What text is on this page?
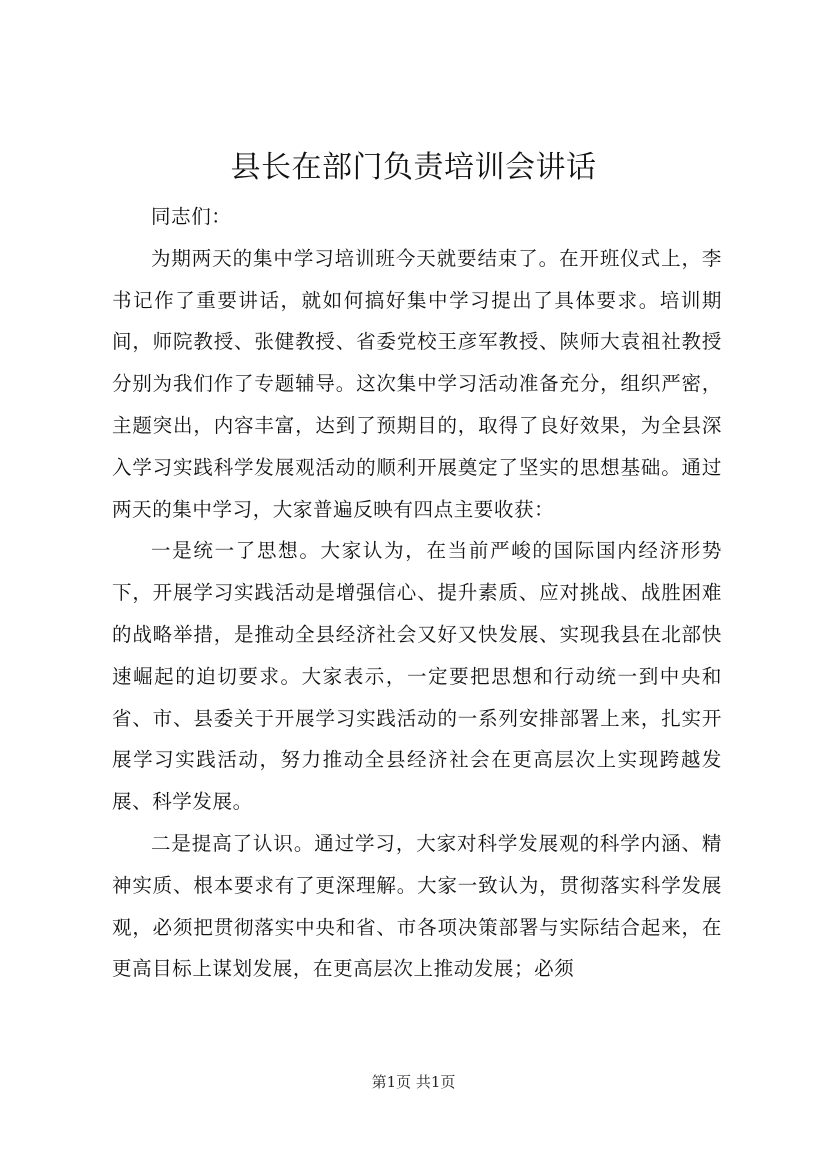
县长在部门负责培训会讲话

同志们：

为期两天的集中学习培训班今天就要结束了。在开班仪式上，李书记作了重要讲话，就如何搞好集中学习提出了具体要求。培训期间，师院教授、张健教授、省委党校王彦军教授、陕师大袁祖社教授分别为我们作了专题辅导。这次集中学习活动准备充分，组织严密，主题突出，内容丰富，达到了预期目的，取得了良好效果，为全县深入学习实践科学发展观活动的顺利开展奠定了坚实的思想基础。通过两天的集中学习，大家普遍反映有四点主要收获：

一是统一了思想。大家认为，在当前严峻的国际国内经济形势下，开展学习实践活动是增强信心、提升素质、应对挑战、战胜困难的战略举措，是推动全县经济社会又好又快发展、实现我县在北部快速崛起的迫切要求。大家表示，一定要把思想和行动统一到中央和省、市、县委关于开展学习实践活动的一系列安排部署上来，扎实开展学习实践活动，努力推动全县经济社会在更高层次上实现跨越发展、科学发展。

二是提高了认识。通过学习，大家对科学发展观的科学内涵、精神实质、根本要求有了更深理解。大家一致认为，贯彻落实科学发展观，必须把贯彻落实中央和省、市各项决策部署与实际结合起来，在更高目标上谋划发展，在更高层次上推动发展；必须

第1页 共1页
